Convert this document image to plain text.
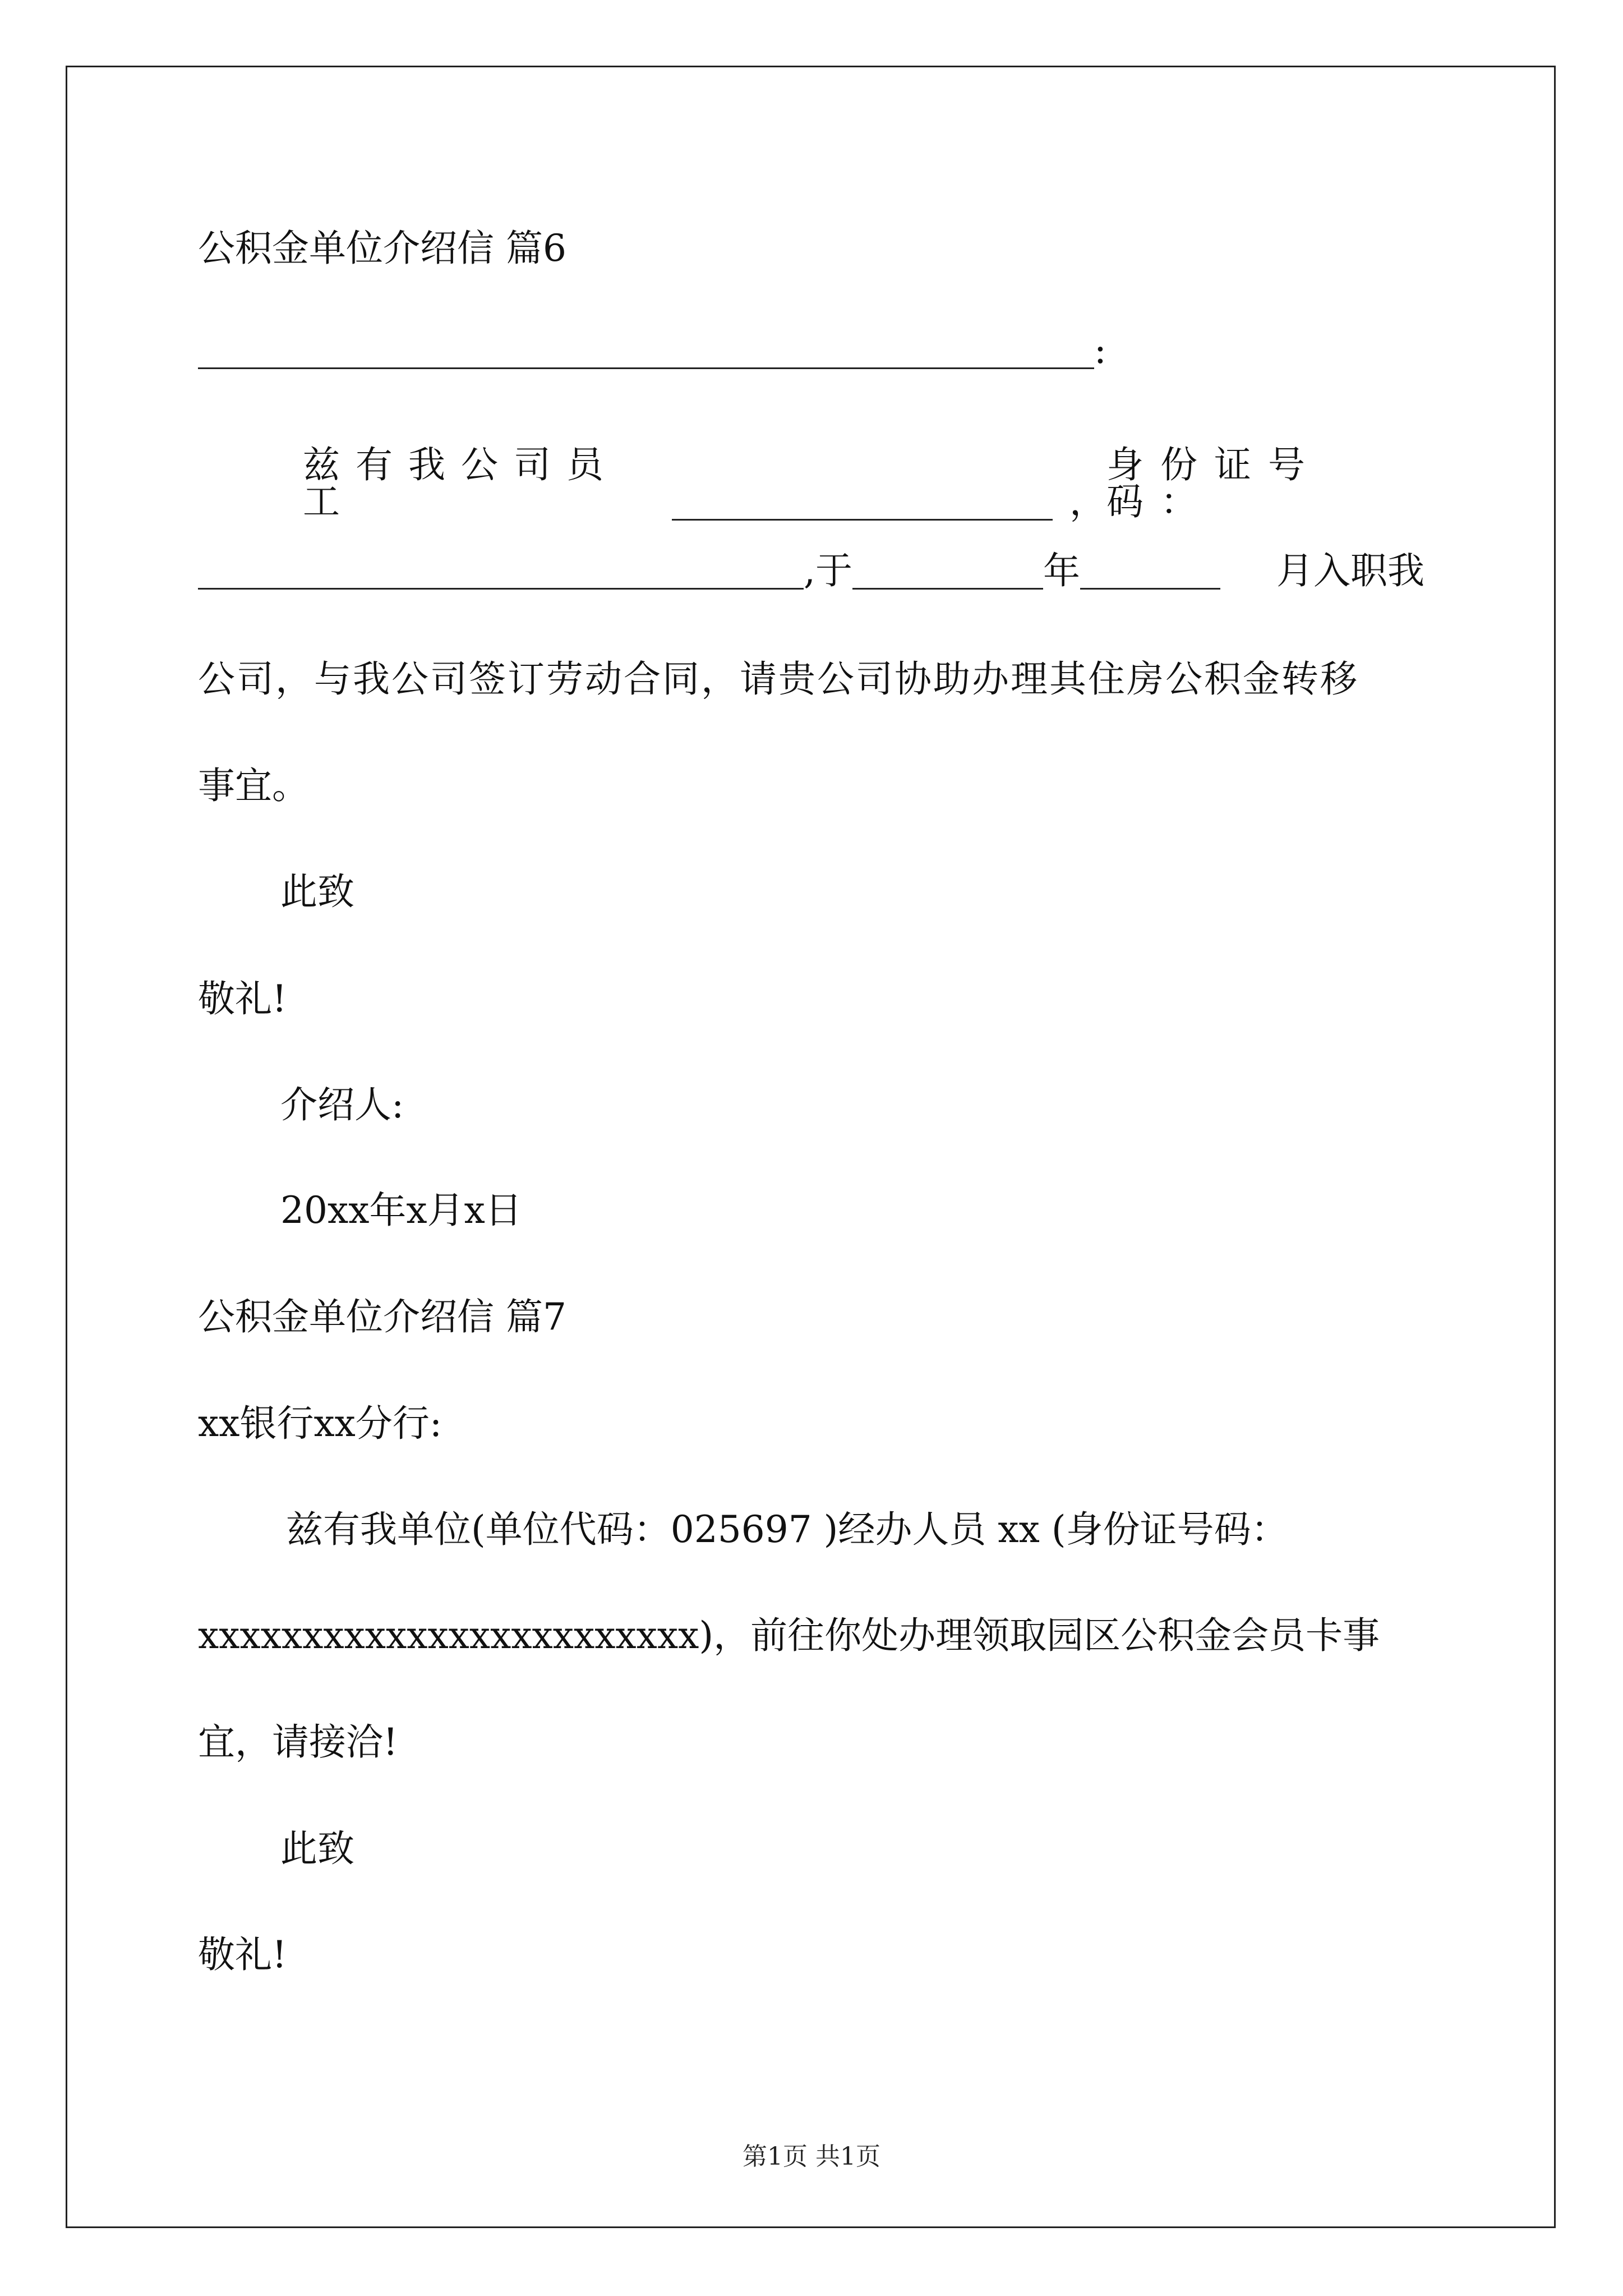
公积金单位介绍信 篇6
:
兹有我公司员工	，
身份证号码：
,于	年	月入职我
公司，与我公司签订劳动合同，请贵公司协助办理其住房公积金转移
事宜。
此致
敬礼!
介绍人:
20xx年x月x日
公积金单位介绍信 篇7
xx银行xx分行:
兹有我单位(单位代码：025697 )经办人员 xx (身份证号码：
xxxxxxxxxxxxxxxxxxxxxxxx)，前往你处办理领取园区公积金会员卡事
宜，请接洽!
此致
敬礼!
第1页 共1页
